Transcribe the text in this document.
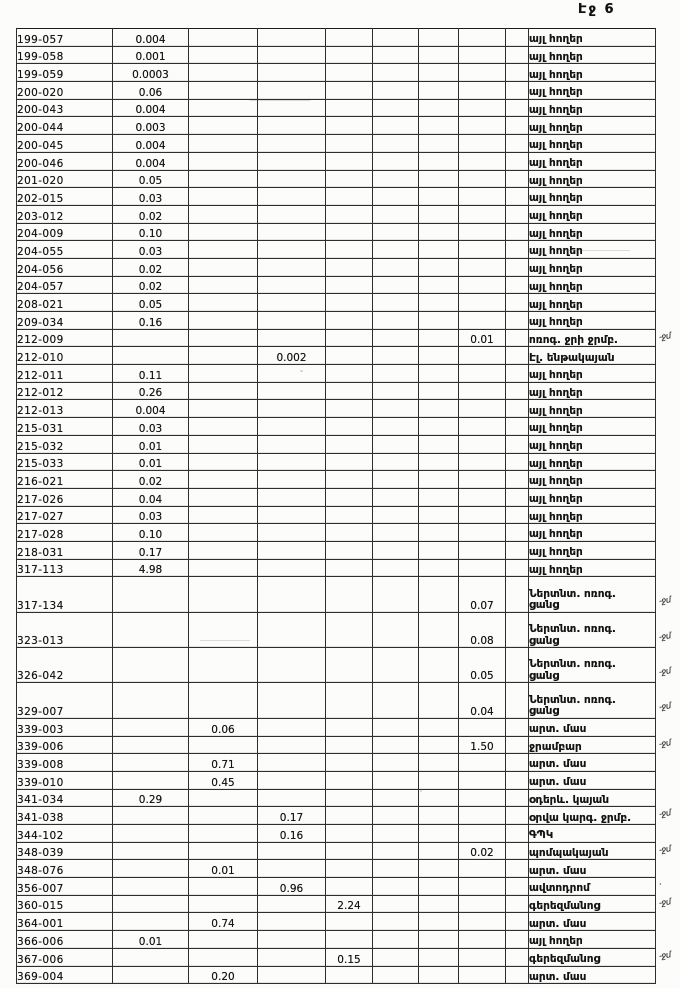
Էջ 6
199-057	0.004								այլ հողեր
199-058	0.001								այլ հողեր
199-059	0.0003								այլ հողեր
200-020	0.06								այլ հողեր
200-043	0.004								այլ հողեր
200-044	0.003								այլ հողեր
200-045	0.004								այլ հողեր
200-046	0.004								այլ հողեր
201-020	0.05								այլ հողեր
202-015	0.03								այլ հողեր
203-012	0.02								այլ հողեր
204-009	0.10								այլ հողեր
204-055	0.03								այլ հողեր
204-056	0.02								այլ հողեր
204-057	0.02								այլ հողեր
208-021	0.05								այլ հողեր
209-034	0.16								այլ հողեր
212-009							0.01		ոռոգ. ջրի ջրմբ.
212-010			0.002						Էլ. ենթակայան
212-011	0.11								այլ հողեր
212-012	0.26								այլ հողեր
212-013	0.004								այլ հողեր
215-031	0.03								այլ հողեր
215-032	0.01								այլ հողեր
215-033	0.01								այլ հողեր
216-021	0.02								այլ հողեր
217-026	0.04								այլ հողեր
217-027	0.03								այլ հողեր
217-028	0.10								այլ հողեր
218-031	0.17								այլ հողեր
317-113	4.98								այլ հողեր
317-134							0.07		Ներտնտ. ոռոգ.
ցանց

323-013							0.08		Ներտնտ. ոռոգ.
ցանց

326-042							0.05		Ներտնտ. ոռոգ.
ցանց

329-007							0.04		Ներտնտ. ոռոգ.
ցանց

339-003		0.06							արտ. մաս
339-006							1.50		ջրամբար
339-008		0.71							արտ. մաս
339-010		0.45							արտ. մաս
341-034	0.29								օդերև. կայան
341-038			0.17						օրվա կարգ. ջրմբ.
344-102			0.16						ԳՊԿ
348-039							0.02		պոմպակայան
348-076		0.01							արտ. մաս
356-007			0.96						ավտոդրոմ
360-015				2.24					գերեզմանոց
364-001		0.74							արտ. մաս
366-006	0.01								այլ հողեր
367-006				0.15					գերեզմանոց
369-004		0.20							արտ. մաս
-ջմ
-ջմ
-ջմ
-ջմ
-ջմ
-ջմ
-ջմ
-ջմ
·
-ջմ
-ջմ
